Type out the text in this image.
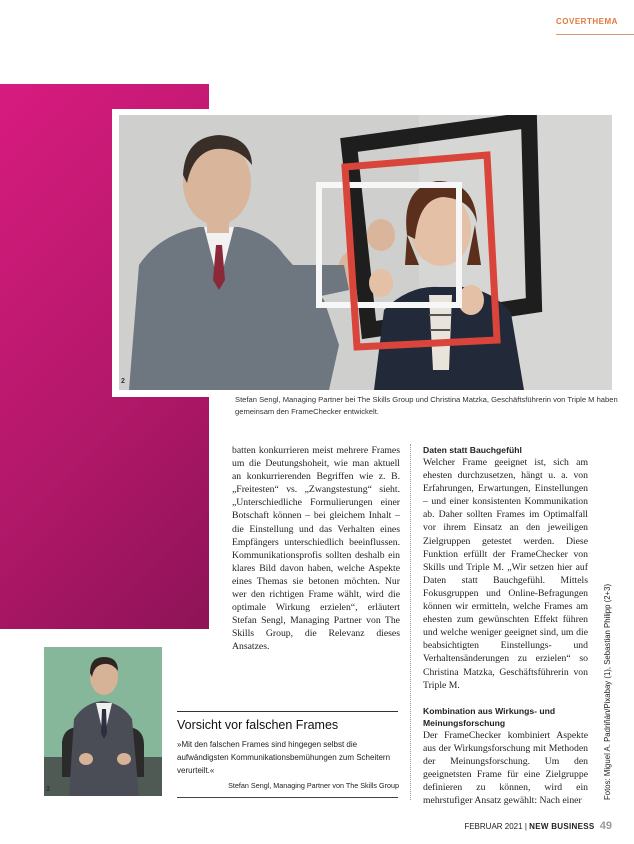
COVERTHEMA
2
Stefan Sengl, Managing Partner bei The Skills Group und Christina Matzka, Geschäftsführerin von Triple M haben gemeinsam den FrameChecker entwickelt.

batten konkurrieren meist mehrere Frames um die Deutungshoheit, wie man aktuell an konkurrierenden Begriffen wie z. B. „Freitesten“ vs. „Zwangstestung“ sieht. „Unterschiedliche Formulierungen einer Botschaft können – bei gleichem Inhalt – die Einstellung und das Verhalten eines Empfängers unterschiedlich beeinflussen. Kommunikationsprofis sollten deshalb ein klares Bild davon haben, welche Aspekte eines Themas sie betonen möchten. Nur wer den richtigen Frame wählt, wird die optimale Wirkung erzielen“, erläutert Stefan Sengl, Managing Partner von The Skills Group, die Relevanz dieses Ansatzes.

Daten statt Bauchgefühl

Welcher Frame geeignet ist, sich am ehesten durchzusetzen, hängt u. a. von Erfahrungen, Erwartungen, Einstellungen – und einer konsistenten Kommunikation ab. Daher sollten Frames im Optimalfall vor ihrem Einsatz an den jeweiligen Zielgruppen getestet werden. Diese Funktion erfüllt der FrameChecker von Skills und Triple M. „Wir setzen hier auf Daten statt Bauchgefühl. Mittels Fokusgruppen und Online-Befragungen können wir ermitteln, welche Frames am ehesten zum gewünschten Effekt führen und welche weniger geeignet sind, um die beabsichtigten Einstellungs- und Verhaltensänderungen zu erzielen“ so Christina Matzka, Geschäftsführerin von Triple M.

Kombination aus Wirkungs- und Meinungsforschung

Der FrameChecker kombiniert Aspekte aus der Wirkungsforschung mit Methoden der Meinungsforschung. Um den geeignetsten Frame für eine Zielgruppe definieren zu können, wird ein mehrstufiger Ansatz gewählt: Nach einer

3
Vorsicht vor falschen Frames
»Mit den falschen Frames sind hingegen selbst die aufwändigsten Kommunikationsbemühungen zum Scheitern verurteilt.«
Stefan Sengl, Managing Partner von The Skills Group	Fotos: Miguel A. Padriñán/Pixabay (1), Sebastian Philipp (2+3)
FEBRUAR 2021 | NEW BUSINESS 49
